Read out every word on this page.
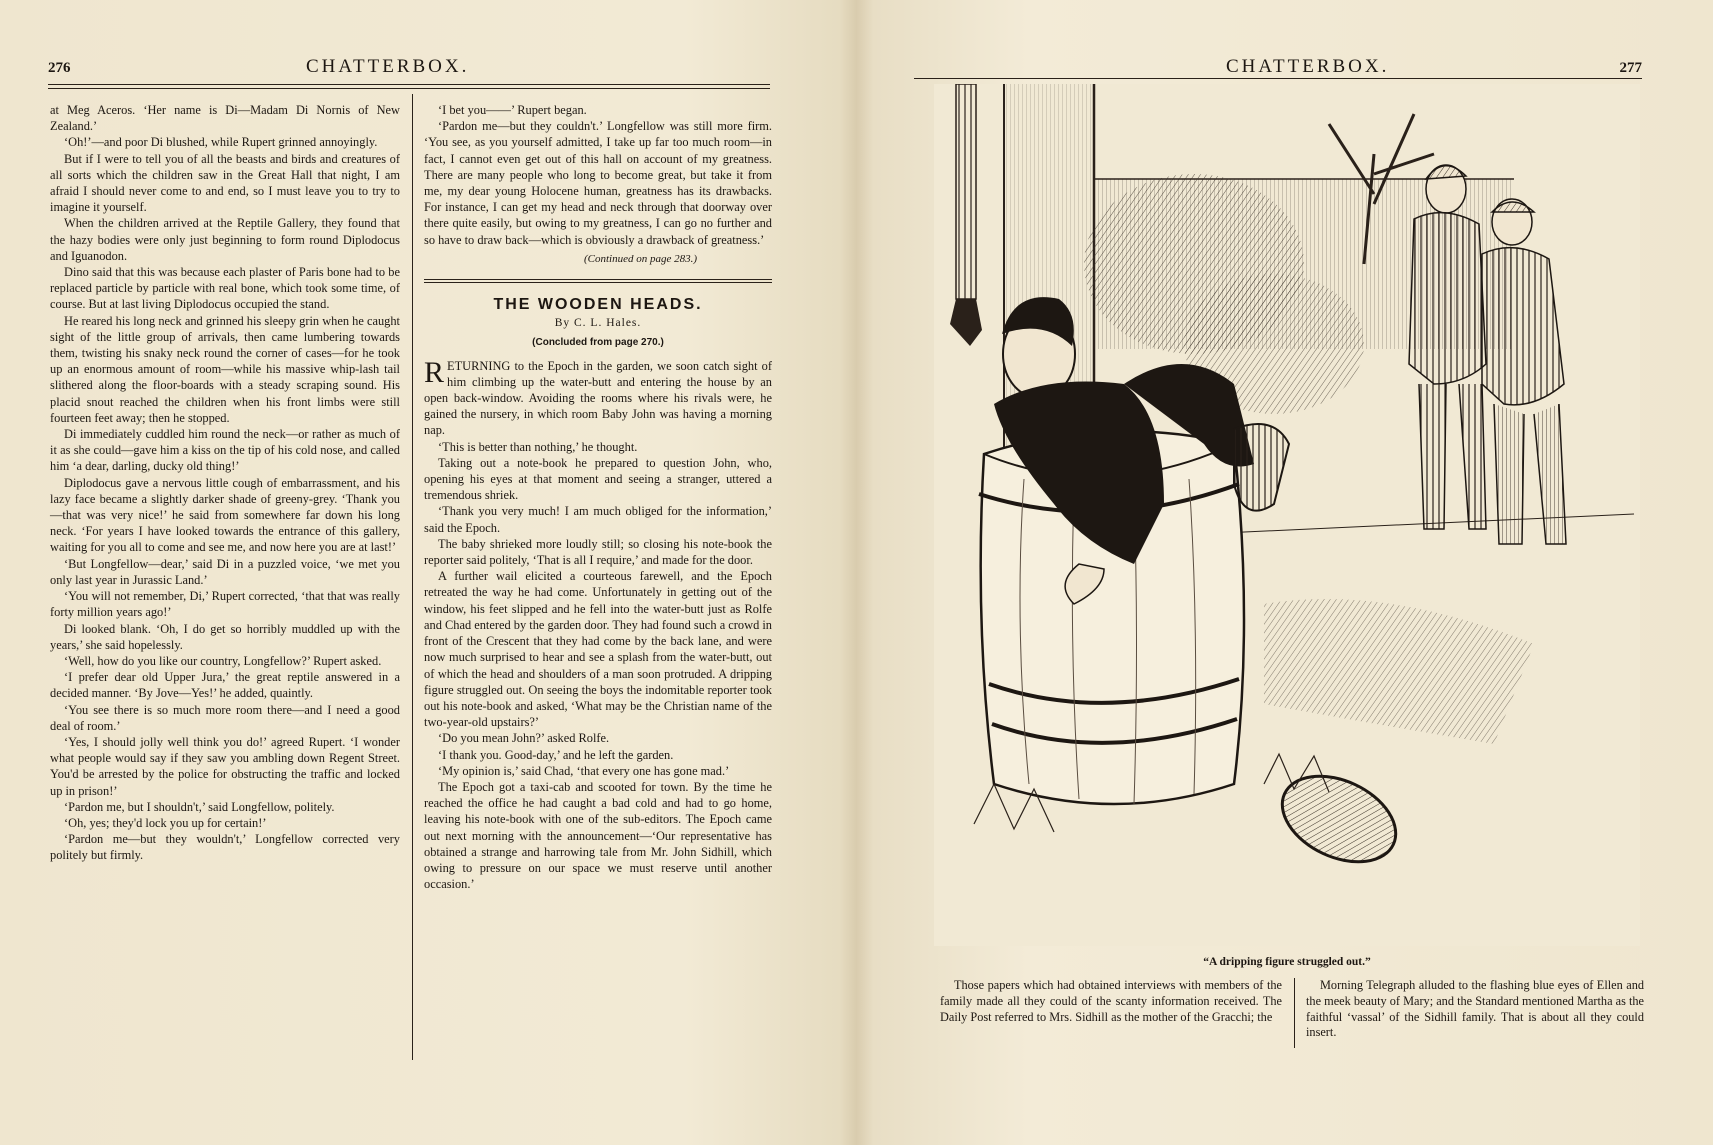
276	CHATTERBOX.

at Meg Aceros. ‘Her name is Di—Madam Di Nornis of New Zealand.’

‘Oh!’—and poor Di blushed, while Rupert grinned annoyingly.

But if I were to tell you of all the beasts and birds and creatures of all sorts which the children saw in the Great Hall that night, I am afraid I should never come to and end, so I must leave you to try to imagine it yourself.

When the children arrived at the Reptile Gallery, they found that the hazy bodies were only just beginning to form round Diplodocus and Iguanodon.

Dino said that this was because each plaster of Paris bone had to be replaced particle by particle with real bone, which took some time, of course. But at last living Diplodocus occupied the stand.

He reared his long neck and grinned his sleepy grin when he caught sight of the little group of arrivals, then came lumbering towards them, twisting his snaky neck round the corner of cases—for he took up an enormous amount of room—while his massive whip-lash tail slithered along the floor-boards with a steady scraping sound. His placid snout reached the children when his front limbs were still fourteen feet away; then he stopped.

Di immediately cuddled him round the neck—or rather as much of it as she could—gave him a kiss on the tip of his cold nose, and called him ‘a dear, darling, ducky old thing!’

Diplodocus gave a nervous little cough of embarrassment, and his lazy face became a slightly darker shade of greeny-grey. ‘Thank you—that was very nice!’ he said from somewhere far down his long neck. ‘For years I have looked towards the entrance of this gallery, waiting for you all to come and see me, and now here you are at last!’

‘But Longfellow—dear,’ said Di in a puzzled voice, ‘we met you only last year in Jurassic Land.’

‘You will not remember, Di,’ Rupert corrected, ‘that that was really forty million years ago!’

Di looked blank. ‘Oh, I do get so horribly muddled up with the years,’ she said hopelessly.

‘Well, how do you like our country, Longfellow?’ Rupert asked.

‘I prefer dear old Upper Jura,’ the great reptile answered in a decided manner. ‘By Jove—Yes!’ he added, quaintly.

‘You see there is so much more room there—and I need a good deal of room.’

‘Yes, I should jolly well think you do!’ agreed Rupert. ‘I wonder what people would say if they saw you ambling down Regent Street. You'd be arrested by the police for obstructing the traffic and locked up in prison!’

‘Pardon me, but I shouldn't,’ said Longfellow, politely.

‘Oh, yes; they'd lock you up for certain!’

‘Pardon me—but they wouldn't,’ Longfellow corrected very politely but firmly.

‘I bet you——’ Rupert began.

‘Pardon me—but they couldn't.’ Longfellow was still more firm. ‘You see, as you yourself admitted, I take up far too much room—in fact, I cannot even get out of this hall on account of my greatness. There are many people who long to become great, but take it from me, my dear young Holocene human, greatness has its drawbacks. For instance, I can get my head and neck through that doorway over there quite easily, but owing to my greatness, I can go no further and so have to draw back—which is obviously a drawback of greatness.’

(Continued on page 283.)
THE WOODEN HEADS.
By C. L. Hales.
(Concluded from page 270.)

RETURNING to the Epoch in the garden, we soon catch sight of him climbing up the water-butt and entering the house by an open back-window. Avoiding the rooms where his rivals were, he gained the nursery, in which room Baby John was having a morning nap.

‘This is better than nothing,’ he thought.

Taking out a note-book he prepared to question John, who, opening his eyes at that moment and seeing a stranger, uttered a tremendous shriek.

‘Thank you very much! I am much obliged for the information,’ said the Epoch.

The baby shrieked more loudly still; so closing his note-book the reporter said politely, ‘That is all I require,’ and made for the door.

A further wail elicited a courteous farewell, and the Epoch retreated the way he had come. Unfortunately in getting out of the window, his feet slipped and he fell into the water-butt just as Rolfe and Chad entered by the garden door. They had found such a crowd in front of the Crescent that they had come by the back lane, and were now much surprised to hear and see a splash from the water-butt, out of which the head and shoulders of a man soon protruded. A dripping figure struggled out. On seeing the boys the indomitable reporter took out his note-book and asked, ‘What may be the Christian name of the two-year-old upstairs?’

‘Do you mean John?’ asked Rolfe.

‘I thank you. Good-day,’ and he left the garden.

‘My opinion is,’ said Chad, ‘that every one has gone mad.’

The Epoch got a taxi-cab and scooted for town. By the time he reached the office he had caught a bad cold and had to go home, leaving his note-book with one of the sub-editors. The Epoch came out next morning with the announcement—‘Our representative has obtained a strange and harrowing tale from Mr. John Sidhill, which owing to pressure on our space we must reserve until another occasion.’

CHATTERBOX.	277
“A dripping figure struggled out.”

Those papers which had obtained interviews with members of the family made all they could of the scanty information received. The Daily Post referred to Mrs. Sidhill as the mother of the Gracchi; the

Morning Telegraph alluded to the flashing blue eyes of Ellen and the meek beauty of Mary; and the Standard mentioned Martha as the faithful ‘vassal’ of the Sidhill family. That is about all they could insert.
